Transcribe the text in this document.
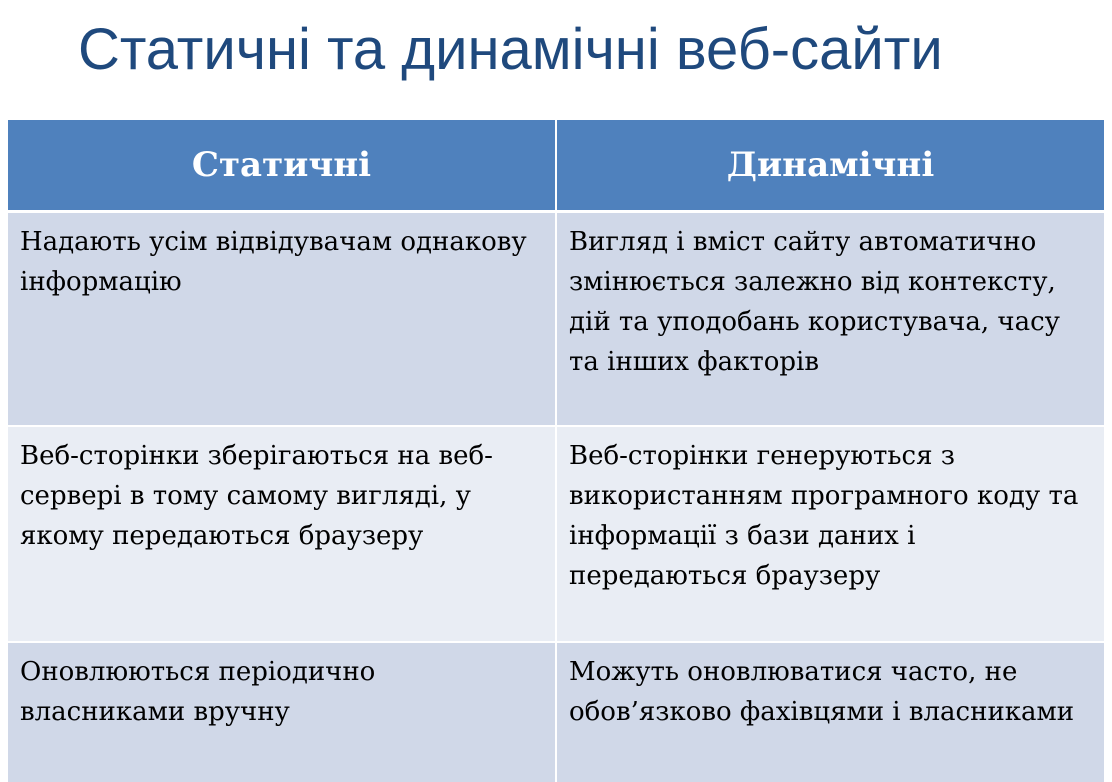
Статичні та динамічні веб-сайти
Статичні	Динамічні
Надають усім відвідувачам однакову інформацію	Вигляд і вміст сайту автоматично змінюється залежно від контексту, дій та уподобань користувача, часу та інших факторів
Веб-сторінки зберігаються на веб-сервері в тому самому вигляді, у якому передаються браузеру	Веб-сторінки генеруються з використанням програмного коду та інформації з бази даних і передаються браузеру
Оновлюються періодично власниками вручну	Можуть оновлюватися часто, не обов’язково фахівцями і власниками
